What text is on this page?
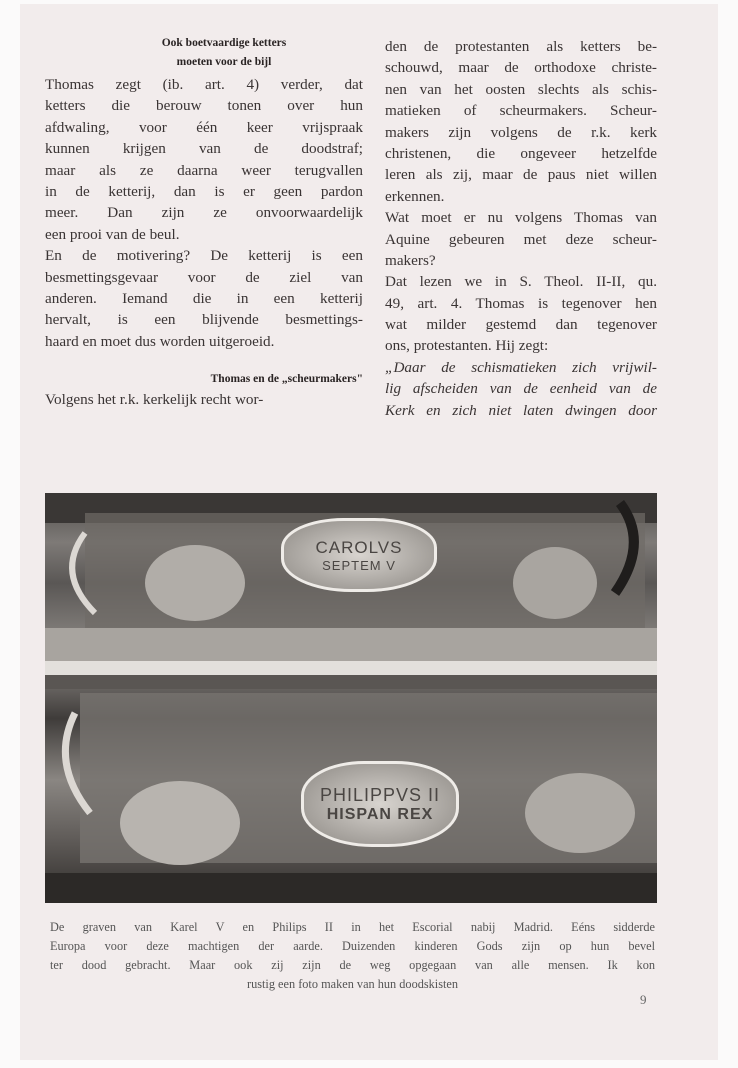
Ook boetvaardige ketters
moeten voor de bijl
Thomas zegt (ib. art. 4) verder, dat
ketters die berouw tonen over hun
afdwaling, voor één keer vrijspraak
kunnen krijgen van de doodstraf;
maar als ze daarna weer terugvallen
in de ketterij, dan is er geen pardon
meer. Dan zijn ze onvoorwaardelijk
een prooi van de beul.
En de motivering? De ketterij is een
besmettingsgevaar voor de ziel van
anderen. Iemand die in een ketterij
hervalt, is een blijvende besmettings-
haard en moet dus worden uitgeroeid.
Thomas en de „scheurmakers"
Volgens het r.k. kerkelijk recht wor-
den de protestanten als ketters be-
schouwd, maar de orthodoxe christe-
nen van het oosten slechts als schis-
matieken of scheurmakers. Scheur-
makers zijn volgens de r.k. kerk
christenen, die ongeveer hetzelfde
leren als zij, maar de paus niet willen
erkennen.
Wat moet er nu volgens Thomas van
Aquine gebeuren met deze scheur-
makers?
Dat lezen we in S. Theol. II-II, qu.
49, art. 4. Thomas is tegenover hen
wat milder gestemd dan tegenover
ons, protestanten. Hij zegt:
„Daar de schismatieken zich vrijwil-
lig afscheiden van de eenheid van de
Kerk en zich niet laten dwingen door
CAROLVS
SEPTEM V
PHILIPPVS II
HISPAN REX
De graven van Karel V en Philips II in het Escorial nabij Madrid. Eéns sidderde
Europa voor deze machtigen der aarde. Duizenden kinderen Gods zijn op hun bevel
ter dood gebracht. Maar ook zij zijn de weg opgegaan van alle mensen. Ik kon
rustig een foto maken van hun doodskisten
9
